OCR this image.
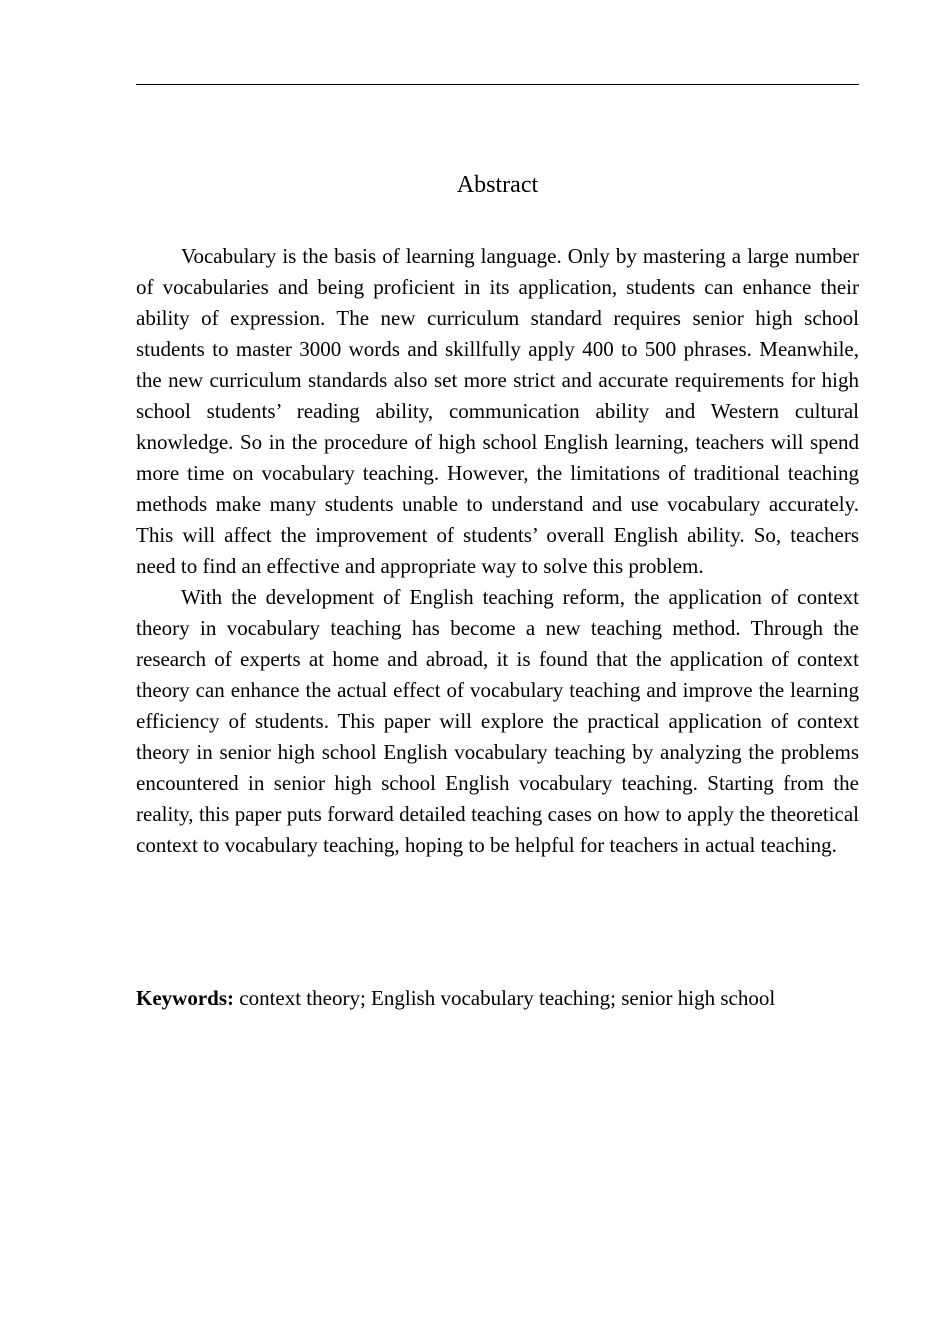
Abstract

Vocabulary is the basis of learning language. Only by mastering a large number of vocabularies and being proficient in its application, students can enhance their ability of expression. The new curriculum standard requires senior high school students to master 3000 words and skillfully apply 400 to 500 phrases. Meanwhile, the new curriculum standards also set more strict and accurate requirements for high school students’ reading ability, communication ability and Western cultural knowledge. So in the procedure of high school English learning, teachers will spend more time on vocabulary teaching. However, the limitations of traditional teaching methods make many students unable to understand and use vocabulary accurately. This will affect the improvement of students’ overall English ability. So, teachers need to find an effective and appropriate way to solve this problem.

With the development of English teaching reform, the application of context theory in vocabulary teaching has become a new teaching method. Through the research of experts at home and abroad, it is found that the application of context theory can enhance the actual effect of vocabulary teaching and improve the learning efficiency of students. This paper will explore the practical application of context theory in senior high school English vocabulary teaching by analyzing the problems encountered in senior high school English vocabulary teaching. Starting from the reality, this paper puts forward detailed teaching cases on how to apply the theoretical context to vocabulary teaching, hoping to be helpful for teachers in actual teaching.

Keywords: context theory; English vocabulary teaching; senior high school
